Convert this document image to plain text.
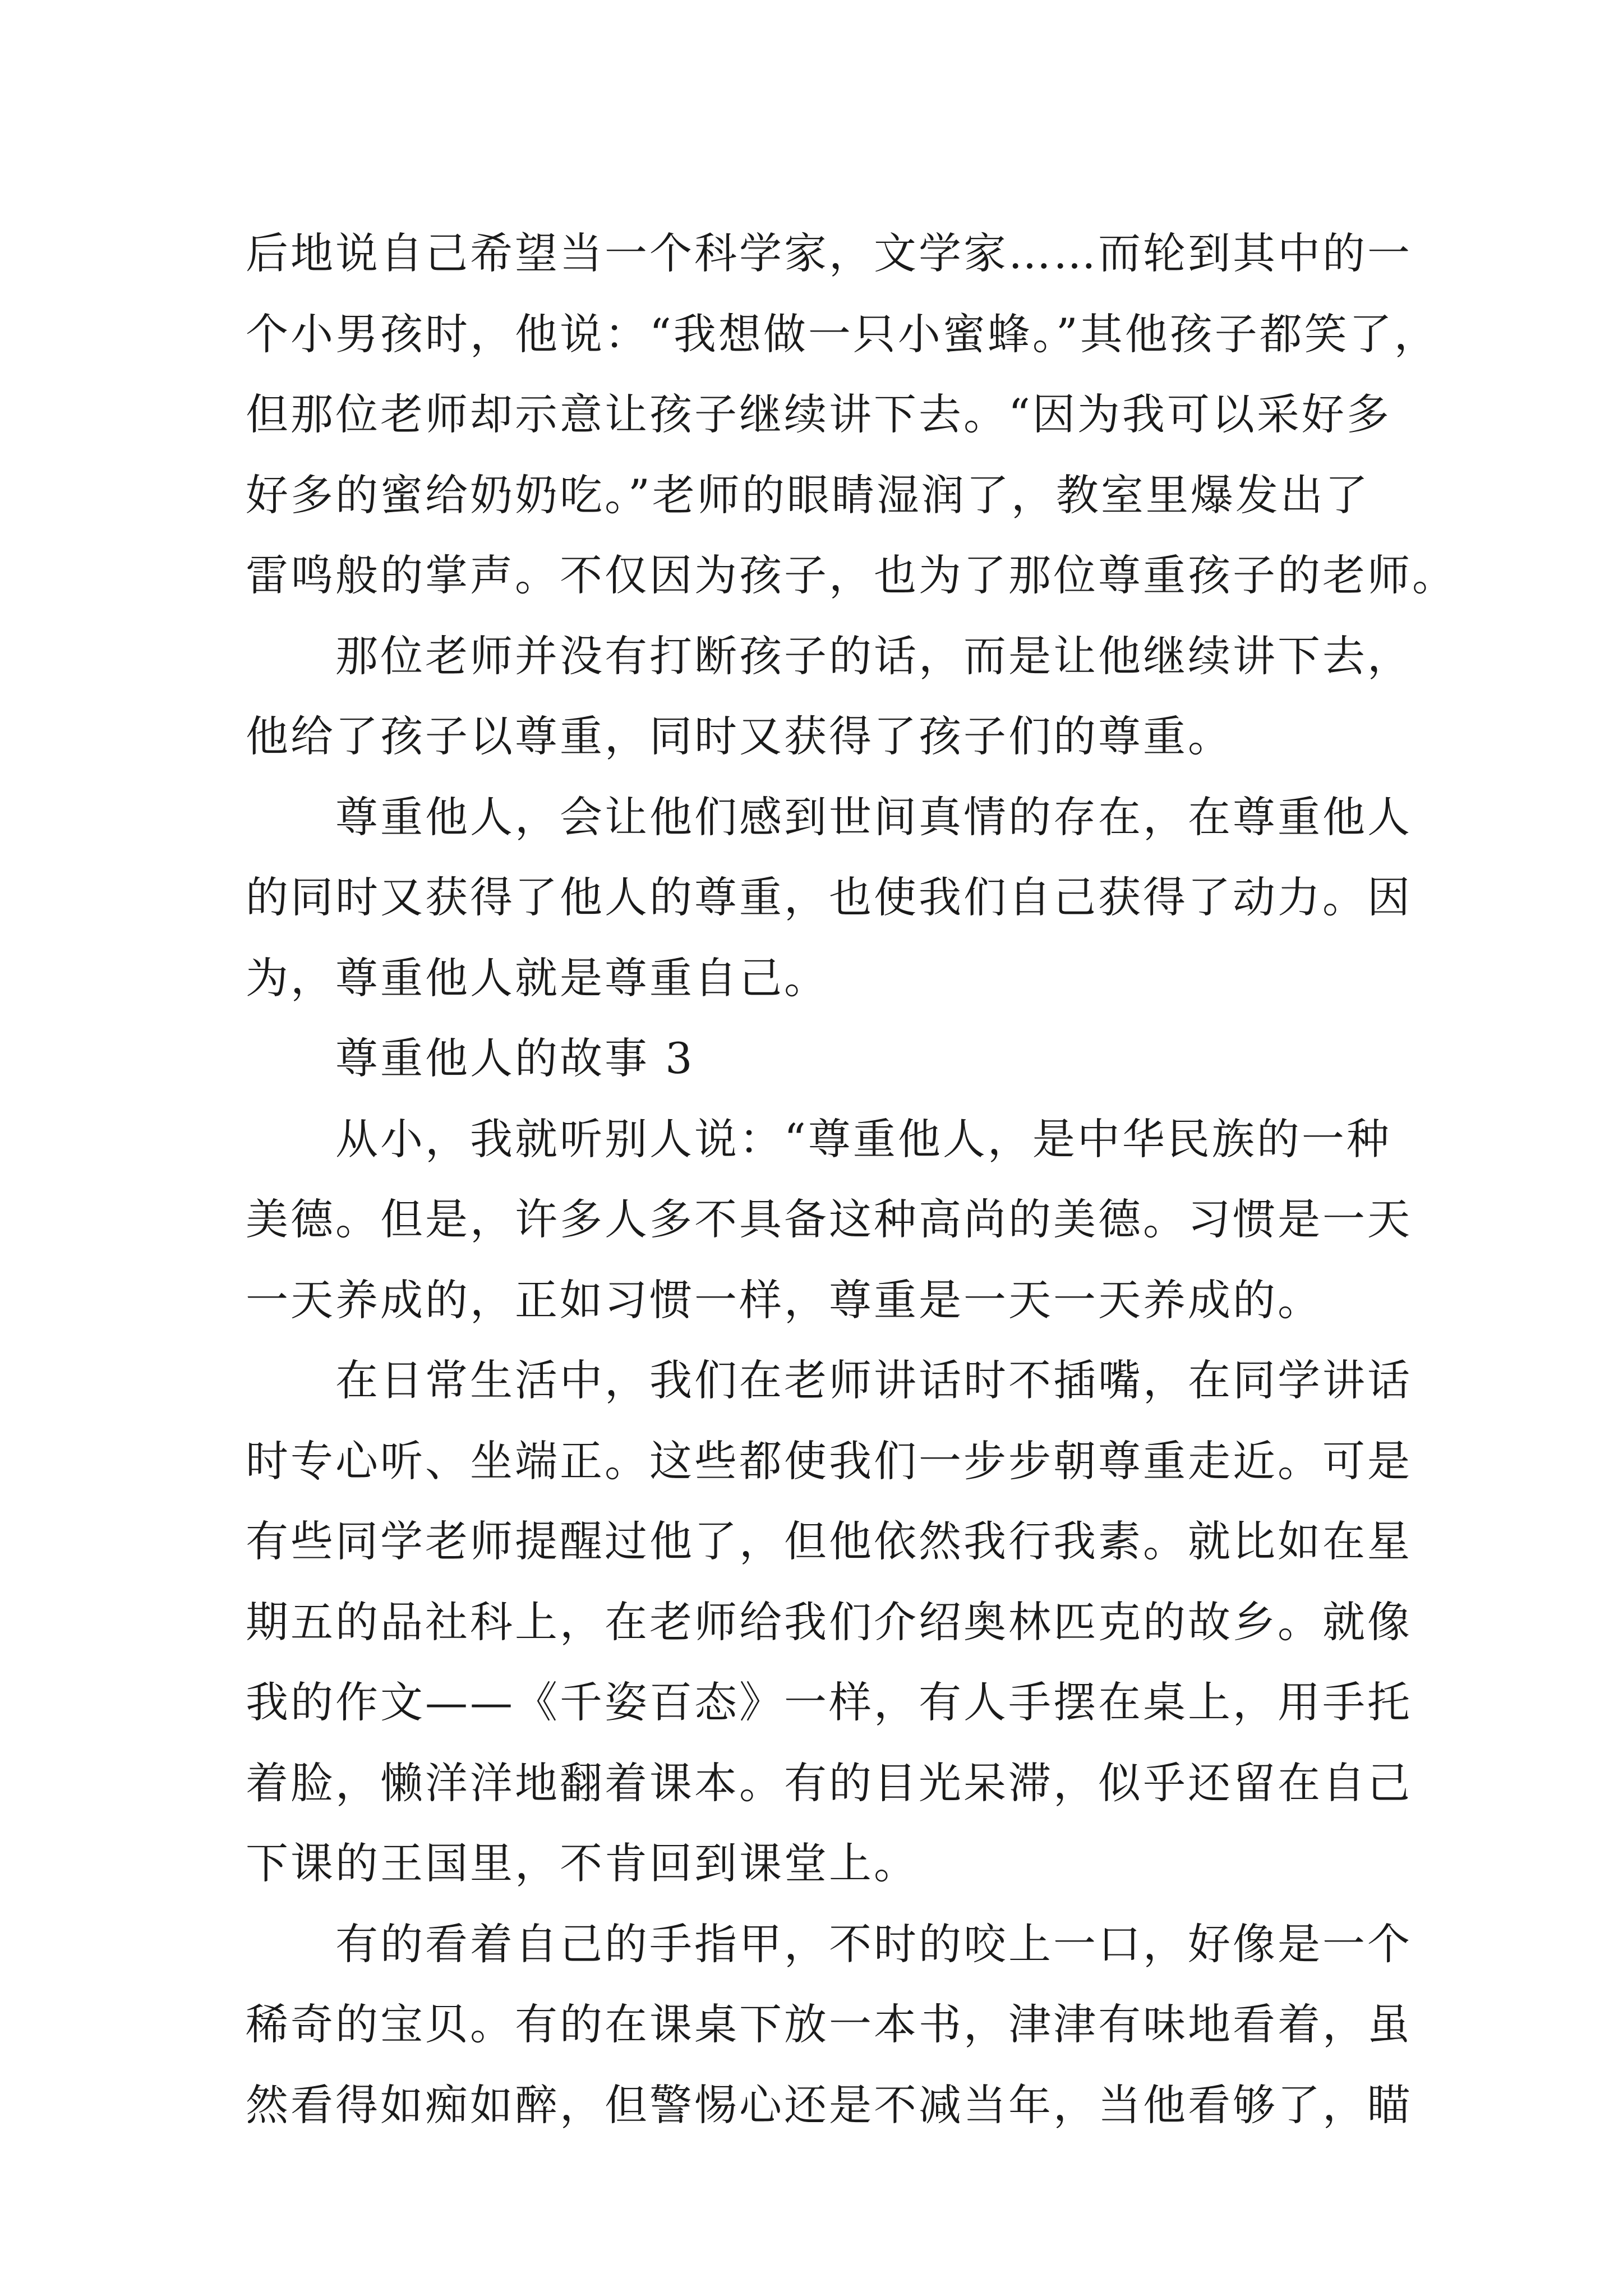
后地说自己希望当一个科学家，文学家……而轮到其中的一
个小男孩时，他说：“我想做一只小蜜蜂。”其他孩子都笑了，
但那位老师却示意让孩子继续讲下去。“因为我可以采好多
好多的蜜给奶奶吃。”老师的眼睛湿润了，教室里爆发出了
雷鸣般的掌声。不仅因为孩子，也为了那位尊重孩子的老师。

那位老师并没有打断孩子的话，而是让他继续讲下去，
他给了孩子以尊重，同时又获得了孩子们的尊重。

尊重他人，会让他们感到世间真情的存在，在尊重他人
的同时又获得了他人的尊重，也使我们自己获得了动力。因
为，尊重他人就是尊重自己。

尊重他人的故事 3

从小，我就听别人说：“尊重他人，是中华民族的一种
美德。但是，许多人多不具备这种高尚的美德。习惯是一天
一天养成的，正如习惯一样，尊重是一天一天养成的。

在日常生活中，我们在老师讲话时不插嘴，在同学讲话
时专心听、坐端正。这些都使我们一步步朝尊重走近。可是
有些同学老师提醒过他了，但他依然我行我素。就比如在星
期五的品社科上，在老师给我们介绍奥林匹克的故乡。就像
我的作文——《千姿百态》一样，有人手摆在桌上，用手托
着脸，懒洋洋地翻着课本。有的目光呆滞，似乎还留在自己
下课的王国里，不肯回到课堂上。

有的看着自己的手指甲，不时的咬上一口，好像是一个
稀奇的宝贝。有的在课桌下放一本书，津津有味地看着，虽
然看得如痴如醉，但警惕心还是不减当年，当他看够了，瞄
